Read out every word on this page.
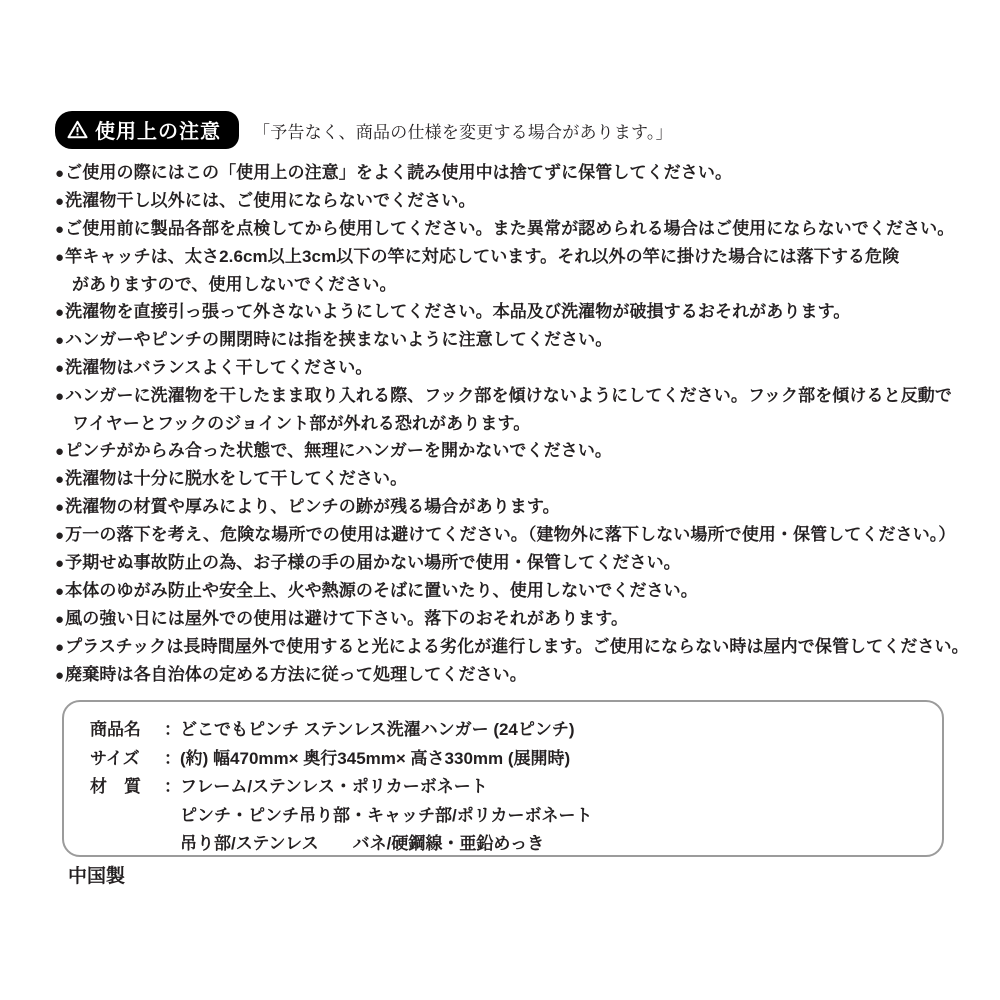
使用上の注意 「予告なく、商品の仕様を変更する場合があります。」
●ご使用の際にはこの「使用上の注意」をよく読み使用中は捨てずに保管してください。
●洗濯物干し以外には、ご使用にならないでください。
●ご使用前に製品各部を点検してから使用してください。また異常が認められる場合はご使用にならないでください。
●竿キャッチは、太さ2.6cm以上3cm以下の竿に対応しています。それ以外の竿に掛けた場合には落下する危険
がありますので、使用しないでください。
●洗濯物を直接引っ張って外さないようにしてください。本品及び洗濯物が破損するおそれがあります。
●ハンガーやピンチの開閉時には指を挟まないように注意してください。
●洗濯物はバランスよく干してください。
●ハンガーに洗濯物を干したまま取り入れる際、フック部を傾けないようにしてください。フック部を傾けると反動で
ワイヤーとフックのジョイント部が外れる恐れがあります。
●ピンチがからみ合った状態で、無理にハンガーを開かないでください。
●洗濯物は十分に脱水をして干してください。
●洗濯物の材質や厚みにより、ピンチの跡が残る場合があります。
●万一の落下を考え、危険な場所での使用は避けてください。（建物外に落下しない場所で使用・保管してください。）
●予期せぬ事故防止の為、お子様の手の届かない場所で使用・保管してください。
●本体のゆがみ防止や安全上、火や熱源のそばに置いたり、使用しないでください。
●風の強い日には屋外での使用は避けて下さい。落下のおそれがあります。
●プラスチックは長時間屋外で使用すると光による劣化が進行します。ご使用にならない時は屋内で保管してください。
●廃棄時は各自治体の定める方法に従って処理してください。
商品名	： どこでもピンチ ステンレス洗濯ハンガー (24ピンチ)
サイズ	： (約) 幅470mm× 奥行345mm× 高さ330mm (展開時)
材　質	： フレーム/ステンレス・ポリカーボネート
ピンチ・ピンチ吊り部・キャッチ部/ポリカーボネート
吊り部/ステンレス　　バネ/硬鋼線・亜鉛めっき
中国製
